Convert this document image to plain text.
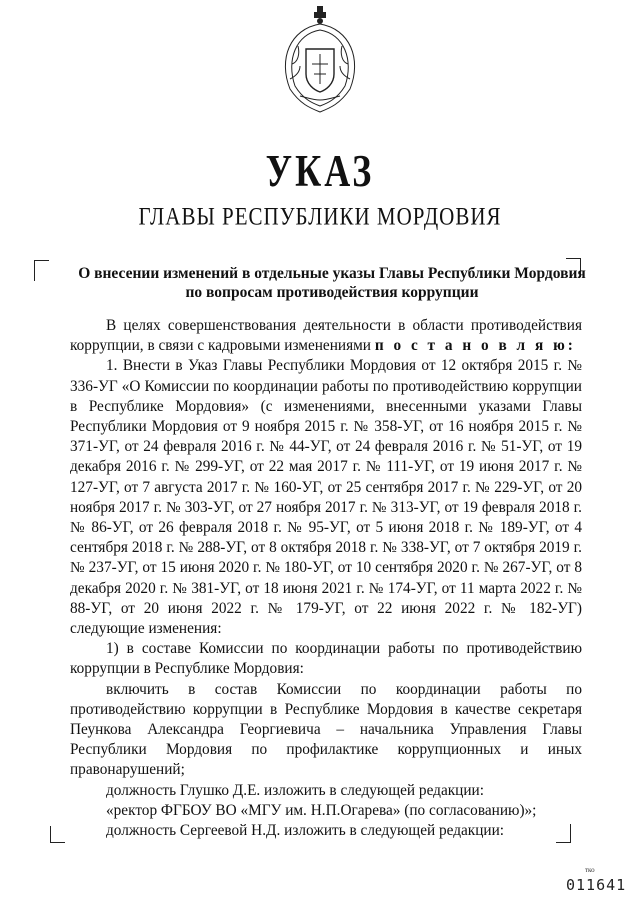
УКАЗ
ГЛАВЫ РЕСПУБЛИКИ МОРДОВИЯ
О внесении изменений в отдельные указы Главы Республики Мордовия
по вопросам противодействия коррупции

В целях совершенствования деятельности в области противодействия коррупции, в связи с кадровыми изменениями п о с т а н о в л я ю:

1. Внести в Указ Главы Республики Мордовия от 12 октября 2015 г. № 336-УГ «О Комиссии по координации работы по противодействию коррупции в Республике Мордовия» (с изменениями, внесенными указами Главы Республики Мордовия от 9 ноября 2015 г. № 358-УГ, от 16 ноября 2015 г. № 371-УГ, от 24 февраля 2016 г. № 44-УГ, от 24 февраля 2016 г. № 51-УГ, от 19 декабря 2016 г. № 299-УГ, от 22 мая 2017 г. № 111-УГ, от 19 июня 2017 г. № 127-УГ, от 7 августа 2017 г. № 160-УГ, от 25 сентября 2017 г. № 229-УГ, от 20 ноября 2017 г. № 303-УГ, от 27 ноября 2017 г. № 313-УГ, от 19 февраля 2018 г. № 86-УГ, от 26 февраля 2018 г. № 95-УГ, от 5 июня 2018 г. № 189-УГ, от 4 сентября 2018 г. № 288-УГ, от 8 октября 2018 г. № 338-УГ, от 7 октября 2019 г. № 237-УГ, от 15 июня 2020 г. № 180-УГ, от 10 сентября 2020 г. № 267-УГ, от 8 декабря 2020 г. № 381-УГ, от 18 июня 2021 г. № 174-УГ, от 11 марта 2022 г. № 88-УГ, от 20 июня 2022 г. № 179-УГ, от 22 июня 2022 г. № 182-УГ) следующие изменения:

1) в составе Комиссии по координации работы по противодействию коррупции в Республике Мордовия:

включить в состав Комиссии по координации работы по противодействию коррупции в Республике Мордовия в качестве секретаря Пеункова Александра Георгиевича – начальника Управления Главы Республики Мордовия по профилактике коррупционных и иных правонарушений;

должность Глушко Д.Е. изложить в следующей редакции:

«ректор ФГБОУ ВО «МГУ им. Н.П.Огарева» (по согласованию)»;

должность Сергеевой Н.Д. изложить в следующей редакции:

тко
011641
